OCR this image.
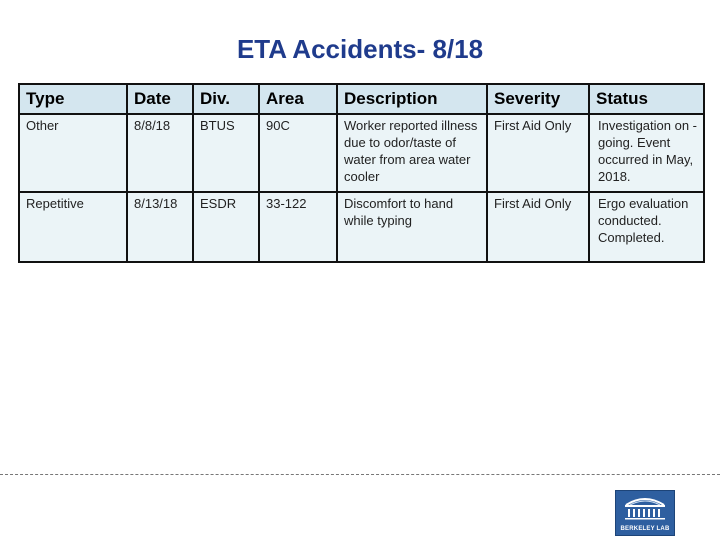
ETA Accidents- 8/18
Type	Date	Div.	Area	Description	Severity	Status
Other	8/8/18	BTUS	90C	Worker reported illness due to odor/taste of water from area water cooler	First Aid Only	Investigation on -going. Event occurred in May, 2018.
Repetitive	8/13/18	ESDR	33-122	Discomfort to hand while typing	First Aid Only	Ergo evaluation conducted. Completed.
BERKELEY LAB
